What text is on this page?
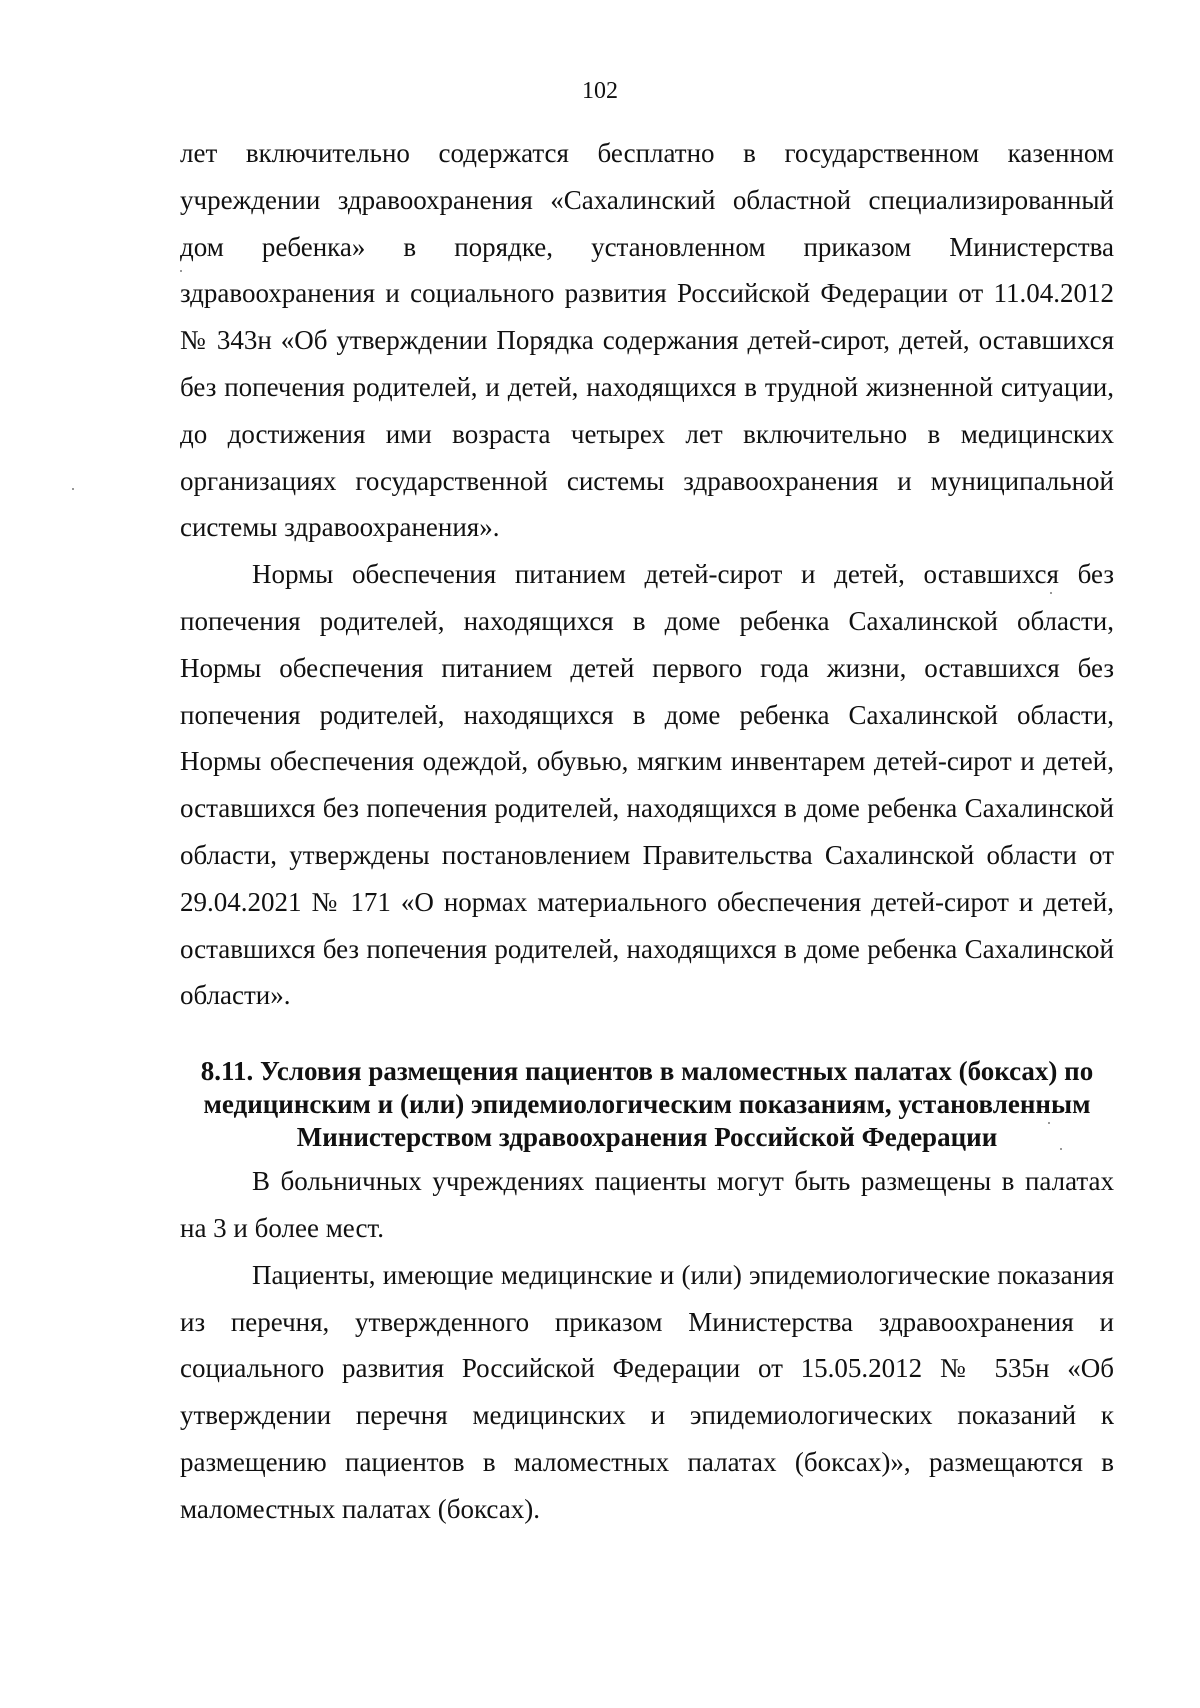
102

лет включительно содержатся бесплатно в государственном казенном учреждении здравоохранения «Сахалинский областной специализированный дом ребенка» в порядке, установленном приказом Министерства здравоохранения и социального развития Российской Федерации от 11.04.2012 № 343н «Об утверждении Порядка содержания детей-сирот, детей, оставшихся без попечения родителей, и детей, находящихся в трудной жизненной ситуации, до достижения ими возраста четырех лет включительно в медицинских организациях государственной системы здравоохранения и муниципальной системы здравоохранения».

Нормы обеспечения питанием детей-сирот и детей, оставшихся без попечения родителей, находящихся в доме ребенка Сахалинской области, Нормы обеспечения питанием детей первого года жизни, оставшихся без попечения родителей, находящихся в доме ребенка Сахалинской области, Нормы обеспечения одеждой, обувью, мягким инвентарем детей-сирот и детей, оставшихся без попечения родителей, находящихся в доме ребенка Сахалинской области, утверждены постановлением Правительства Сахалинской области от 29.04.2021 № 171 «О нормах материального обеспечения детей-сирот и детей, оставшихся без попечения родителей, находящихся в доме ребенка Сахалинской области».

8.11. Условия размещения пациентов в маломестных палатах (боксах) по медицинским и (или) эпидемиологическим показаниям, установленным Министерством здравоохранения Российской Федерации

В больничных учреждениях пациенты могут быть размещены в палатах на 3 и более мест.

Пациенты, имеющие медицинские и (или) эпидемиологические показания из перечня, утвержденного приказом Министерства здравоохранения и социального развития Российской Федерации от 15.05.2012 № 535н «Об утверждении перечня медицинских и эпидемиологических показаний к размещению пациентов в маломестных палатах (боксах)», размещаются в маломестных палатах (боксах).
